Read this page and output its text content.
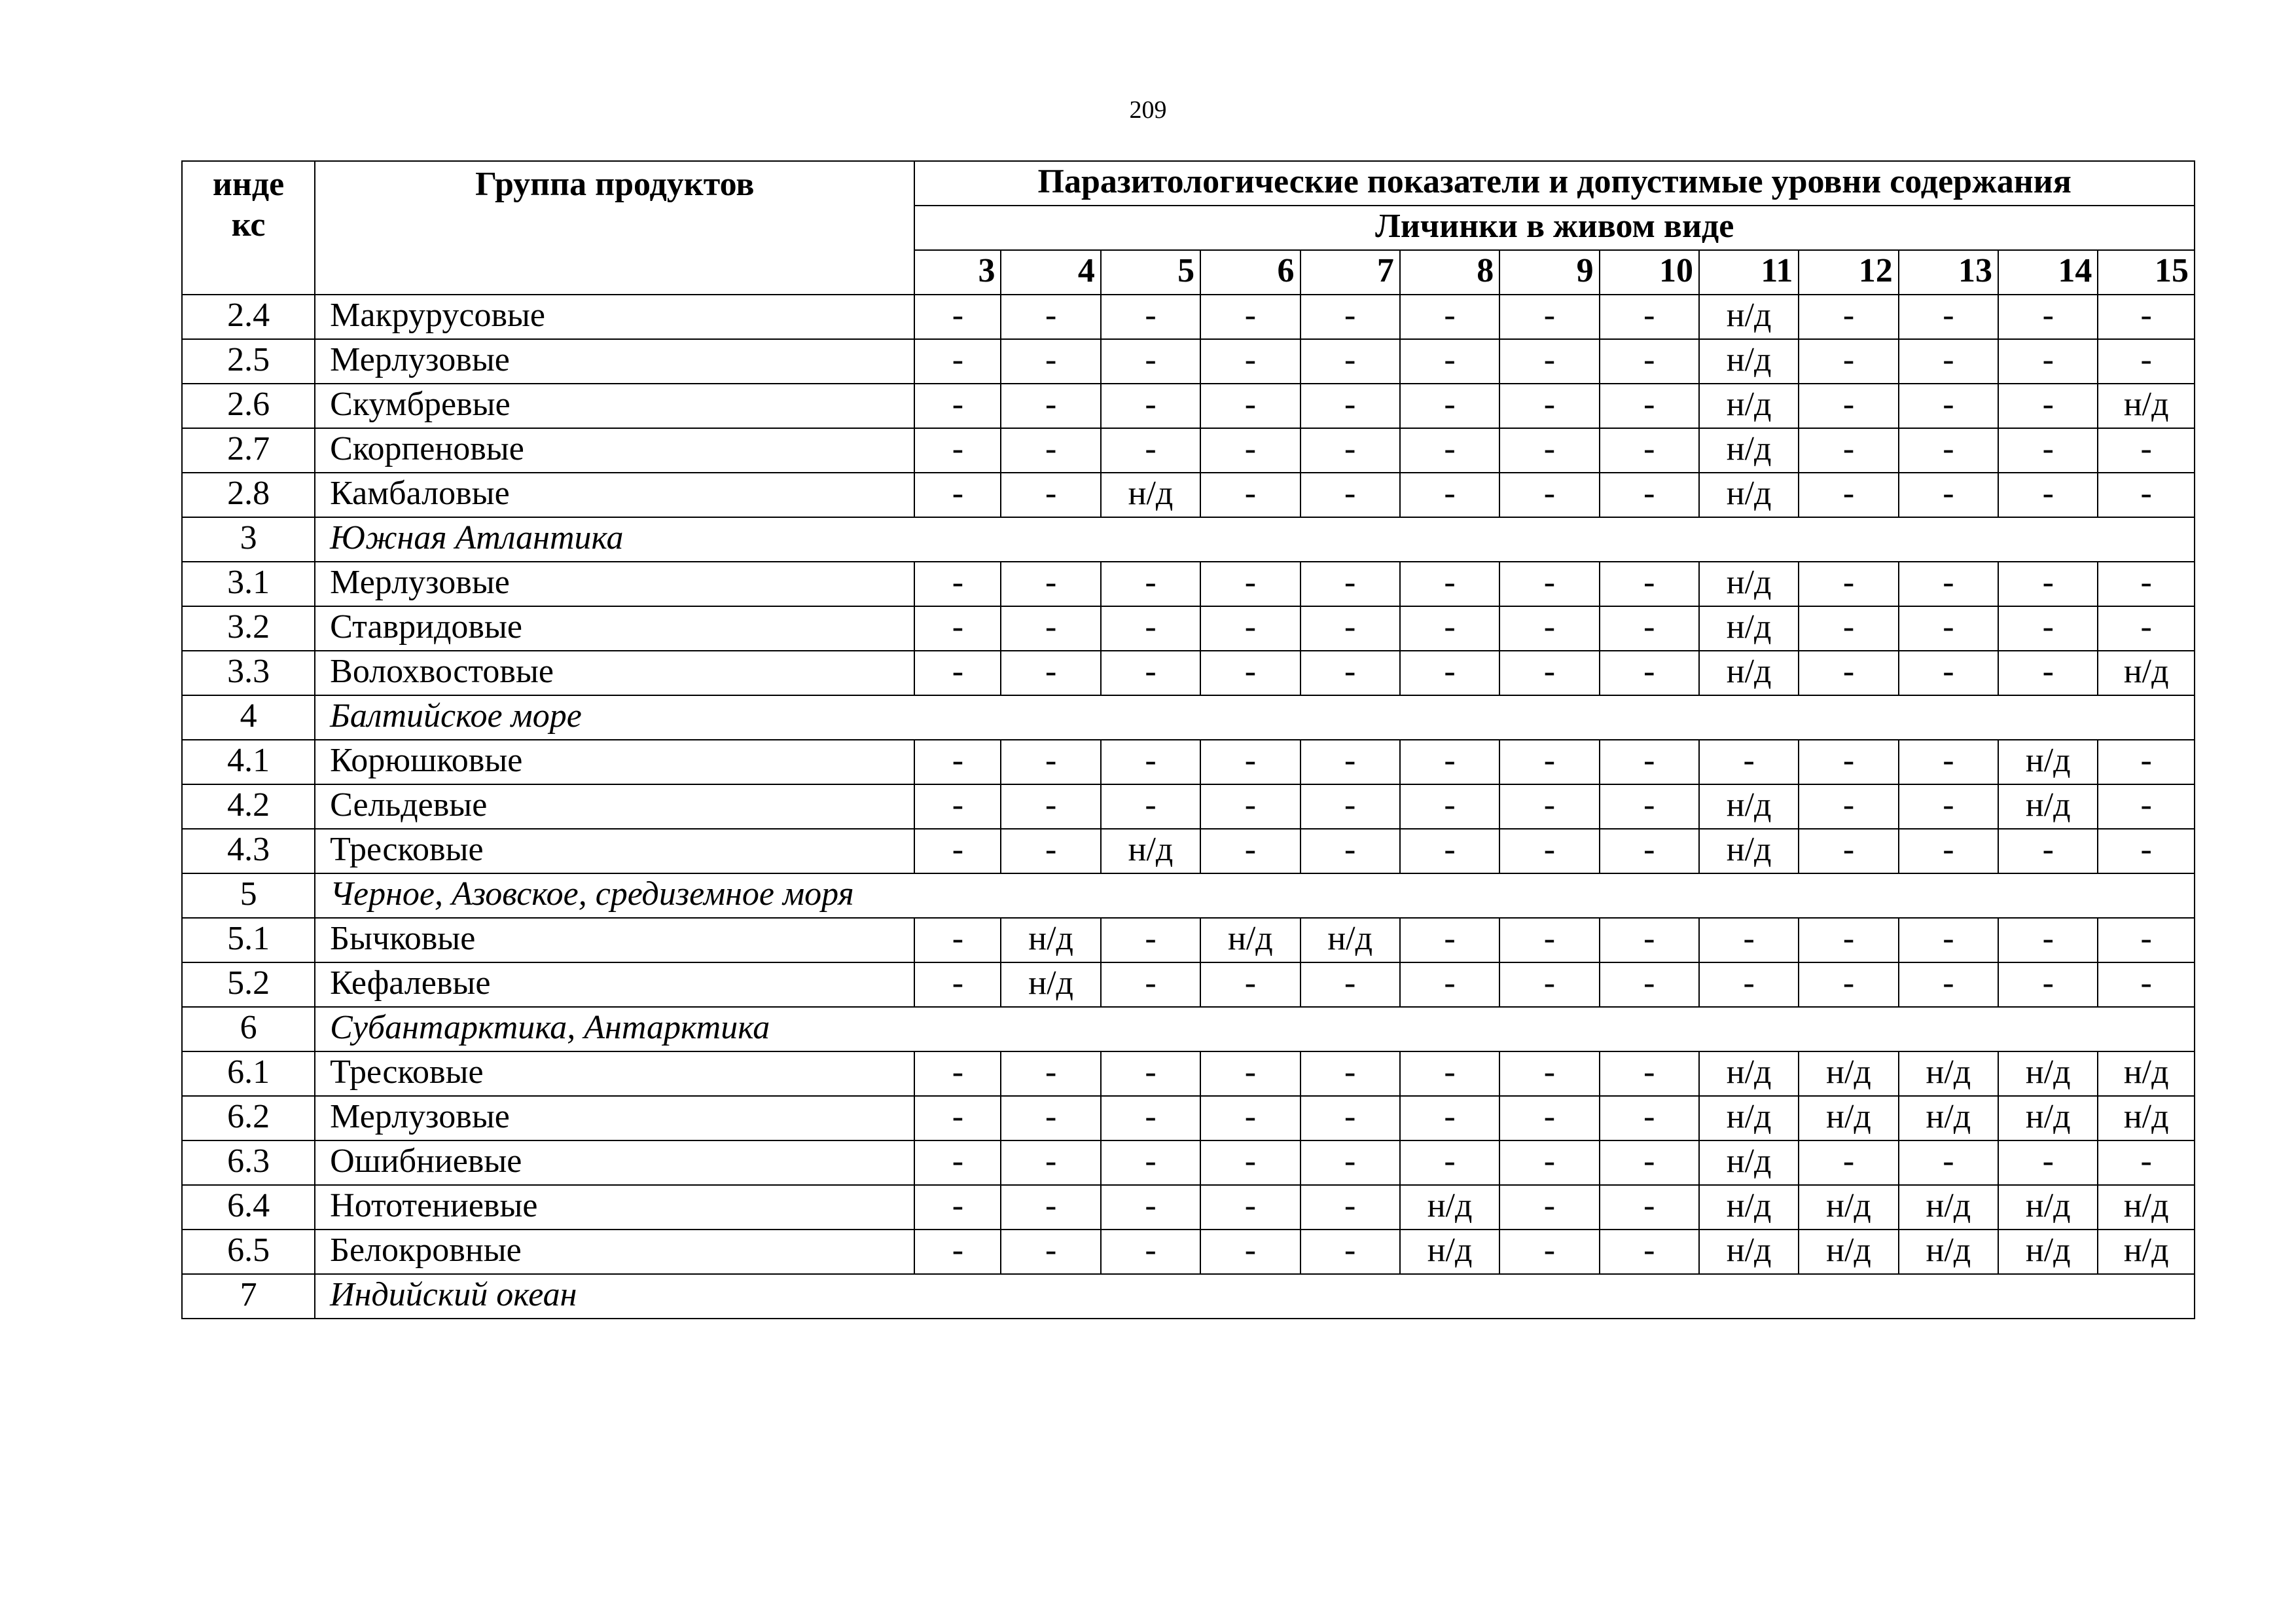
209
инде
кс	Группа продуктов	Паразитологические показатели и допустимые уровни содержания												
		Личинки в живом виде												
		3	4	5	6	7	8	9	10	11	12	13	14	15
2.4	Макрурусовые	-	-	-	-	-	-	-	-	н/д	-	-	-	-
2.5	Мерлузовые	-	-	-	-	-	-	-	-	н/д	-	-	-	-
2.6	Скумбревые	-	-	-	-	-	-	-	-	н/д	-	-	-	н/д
2.7	Скорпеновые	-	-	-	-	-	-	-	-	н/д	-	-	-	-
2.8	Камбаловые	-	-	н/д	-	-	-	-	-	н/д	-	-	-	-
3	Южная Атлантика													
3.1	Мерлузовые	-	-	-	-	-	-	-	-	н/д	-	-	-	-
3.2	Ставридовые	-	-	-	-	-	-	-	-	н/д	-	-	-	-
3.3	Волохвостовые	-	-	-	-	-	-	-	-	н/д	-	-	-	н/д
4	Балтийское море													
4.1	Корюшковые	-	-	-	-	-	-	-	-	-	-	-	н/д	-
4.2	Сельдевые	-	-	-	-	-	-	-	-	н/д	-	-	н/д	-
4.3	Тресковые	-	-	н/д	-	-	-	-	-	н/д	-	-	-	-
5	Черное, Азовское, средиземное моря													
5.1	Бычковые	-	н/д	-	н/д	н/д	-	-	-	-	-	-	-	-
5.2	Кефалевые	-	н/д	-	-	-	-	-	-	-	-	-	-	-
6	Субантарктика, Антарктика													
6.1	Тресковые	-	-	-	-	-	-	-	-	н/д	н/д	н/д	н/д	н/д
6.2	Мерлузовые	-	-	-	-	-	-	-	-	н/д	н/д	н/д	н/д	н/д
6.3	Ошибниевые	-	-	-	-	-	-	-	-	н/д	-	-	-	-
6.4	Нототениевые	-	-	-	-	-	н/д	-	-	н/д	н/д	н/д	н/д	н/д
6.5	Белокровные	-	-	-	-	-	н/д	-	-	н/д	н/д	н/д	н/д	н/д
7	Индийский океан													
